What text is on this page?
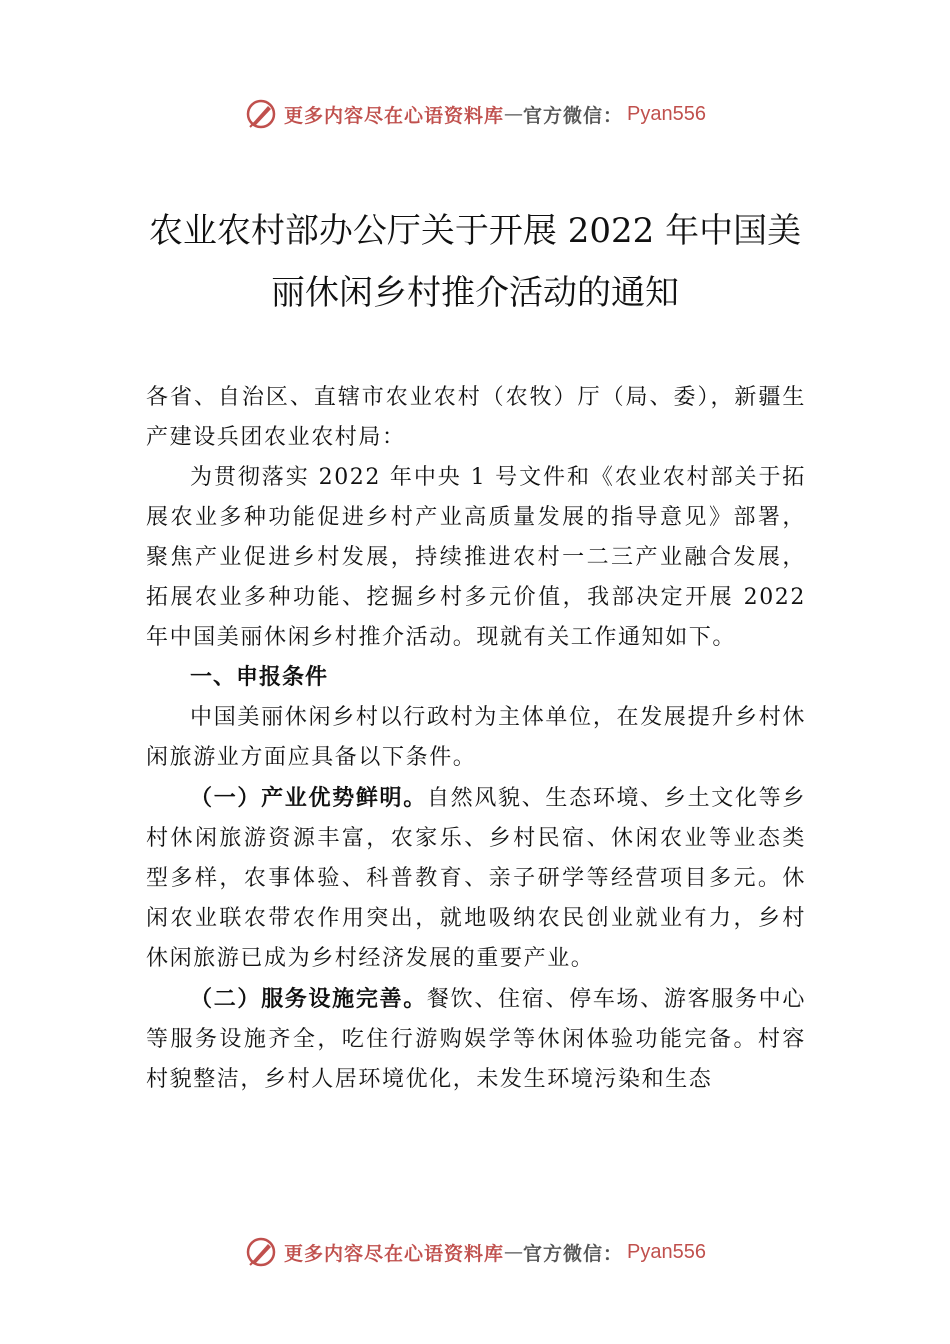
更多内容尽在心语资料库 — 官方微信： Pyan556
农业农村部办公厅关于开展 2022 年中国美
丽休闲乡村推介活动的通知

各省、自治区、直辖市农业农村（农牧）厅（局、委），新疆生产建设兵团农业农村局：

为贯彻落实 2022 年中央 1 号文件和《农业农村部关于拓展农业多种功能促进乡村产业高质量发展的指导意见》部署，聚焦产业促进乡村发展，持续推进农村一二三产业融合发展，拓展农业多种功能、挖掘乡村多元价值，我部决定开展 2022 年中国美丽休闲乡村推介活动。现就有关工作通知如下。

一、申报条件

中国美丽休闲乡村以行政村为主体单位，在发展提升乡村休闲旅游业方面应具备以下条件。

（一）产业优势鲜明。自然风貌、生态环境、乡土文化等乡村休闲旅游资源丰富，农家乐、乡村民宿、休闲农业等业态类型多样，农事体验、科普教育、亲子研学等经营项目多元。休闲农业联农带农作用突出，就地吸纳农民创业就业有力，乡村休闲旅游已成为乡村经济发展的重要产业。

（二）服务设施完善。餐饮、住宿、停车场、游客服务中心等服务设施齐全，吃住行游购娱学等休闲体验功能完备。村容村貌整洁，乡村人居环境优化，未发生环境污染和生态

更多内容尽在心语资料库 — 官方微信： Pyan556
